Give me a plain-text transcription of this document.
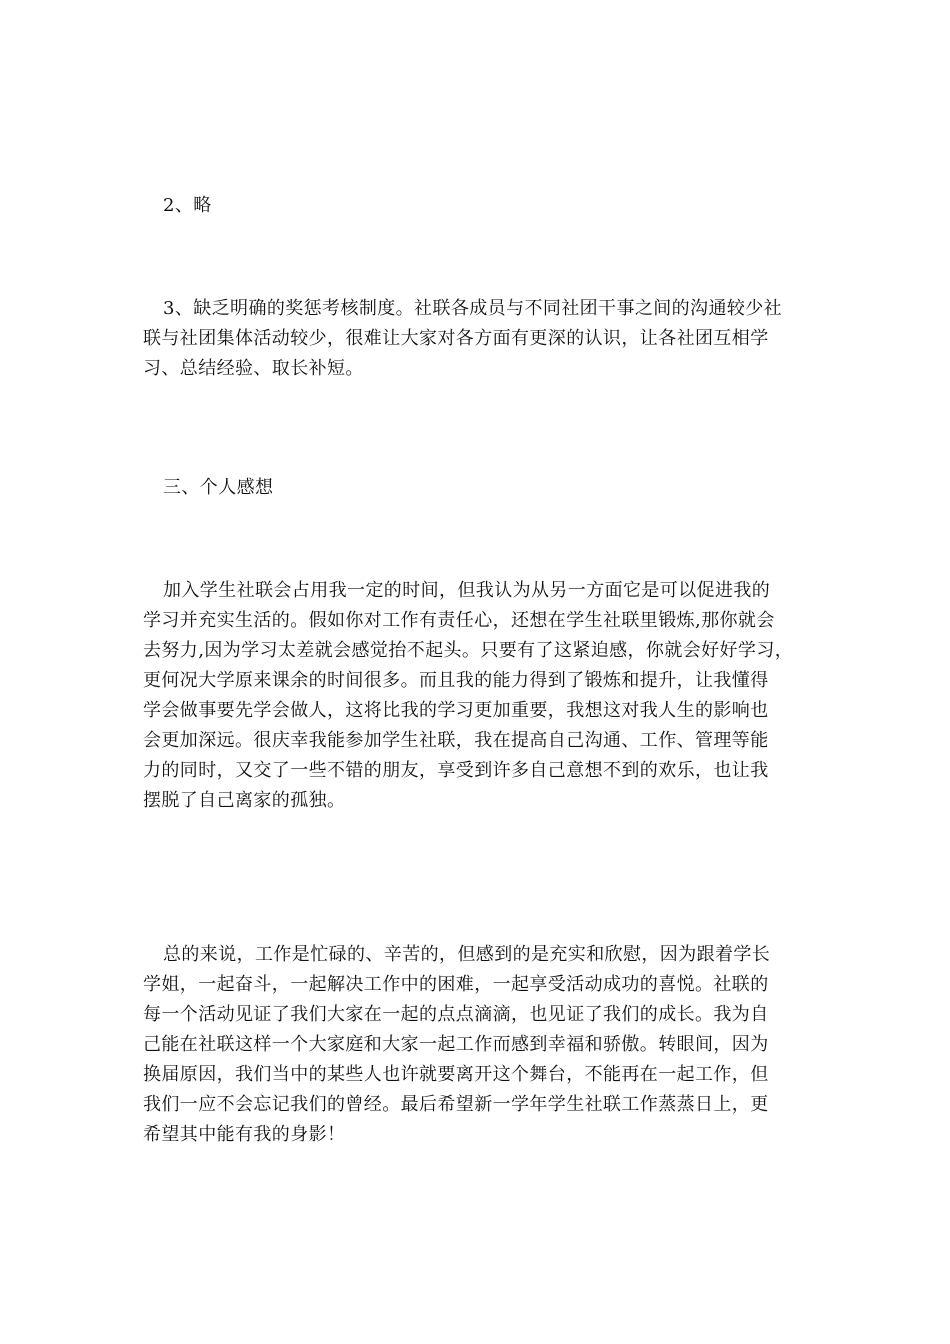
2、略
3、缺乏明确的奖惩考核制度。社联各成员与不同社团干事之间的沟通较少社
联与社团集体活动较少，很难让大家对各方面有更深的认识，让各社团互相学
习、总结经验、取长补短。
三、个人感想
加入学生社联会占用我一定的时间，但我认为从另一方面它是可以促进我的
学习并充实生活的。假如你对工作有责任心，还想在学生社联里锻炼,那你就会
去努力,因为学习太差就会感觉抬不起头。只要有了这紧迫感，你就会好好学习，
更何况大学原来课余的时间很多。而且我的能力得到了锻炼和提升，让我懂得
学会做事要先学会做人，这将比我的学习更加重要，我想这对我人生的影响也
会更加深远。很庆幸我能参加学生社联，我在提高自己沟通、工作、管理等能
力的同时，又交了一些不错的朋友，享受到许多自己意想不到的欢乐，也让我
摆脱了自己离家的孤独。
总的来说，工作是忙碌的、辛苦的，但感到的是充实和欣慰，因为跟着学长
学姐，一起奋斗，一起解决工作中的困难，一起享受活动成功的喜悦。社联的
每一个活动见证了我们大家在一起的点点滴滴，也见证了我们的成长。我为自
己能在社联这样一个大家庭和大家一起工作而感到幸福和骄傲。转眼间，因为
换届原因，我们当中的某些人也许就要离开这个舞台，不能再在一起工作，但
我们一应不会忘记我们的曾经。最后希望新一学年学生社联工作蒸蒸日上，更
希望其中能有我的身影！
